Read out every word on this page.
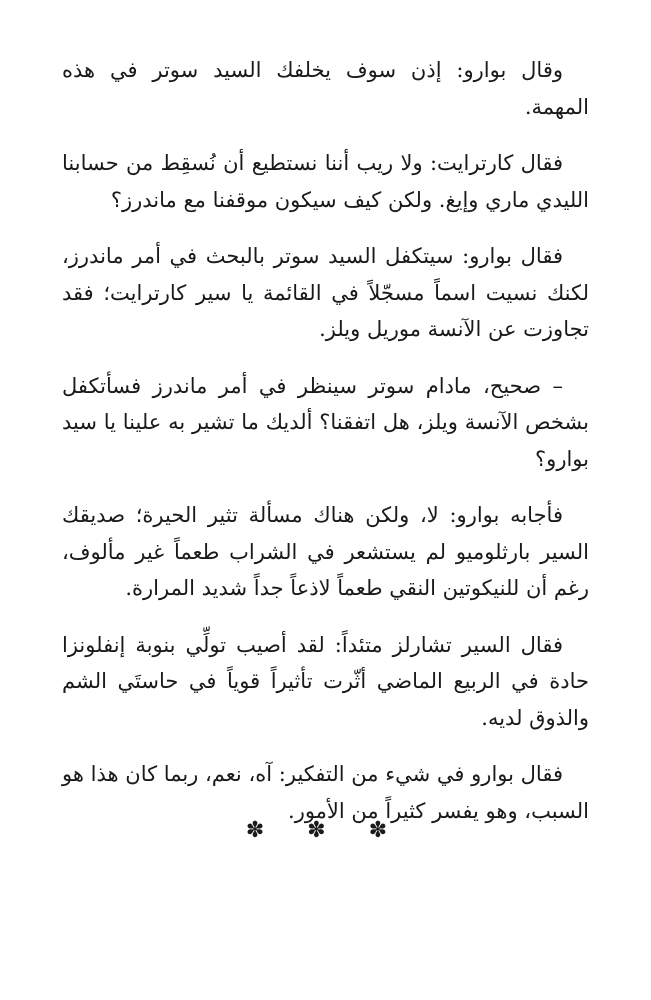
وقال بوارو: إذن سوف يخلفك السيد سوتر في هذه المهمة.

فقال كارترايت: ولا ريب أننا نستطيع أن نُسقِط من حسابنا الليدي ماري وإيغ. ولكن كيف سيكون موقفنا مع ماندرز؟

فقال بوارو: سيتكفل السيد سوتر بالبحث في أمر ماندرز، لكنك نسيت اسماً مسجّلاً في القائمة يا سير كارترايت؛ فقد تجاوزت عن الآنسة موريل ويلز.

– صحيح، مادام سوتر سينظر في أمر ماندرز فسأتكفل بشخص الآنسة ويلز، هل اتفقنا؟ ألديك ما تشير به علينا يا سيد بوارو؟

فأجابه بوارو: لا، ولكن هناك مسألة تثير الحيرة؛ صديقك السير بارثلوميو لم يستشعر في الشراب طعماً غير مألوف، رغم أن للنيكوتين النقي طعماً لاذعاً جداً شديد المرارة.

فقال السير تشارلز متئداً: لقد أصيب تولِّي بنوبة إنفلونزا حادة في الربيع الماضي أثّرت تأثيراً قوياً في حاستَي الشم والذوق لديه.

فقال بوارو في شيء من التفكير: آه، نعم، ربما كان هذا هو السبب، وهو يفسر كثيراً من الأمور.

✽ ✽ ✽
